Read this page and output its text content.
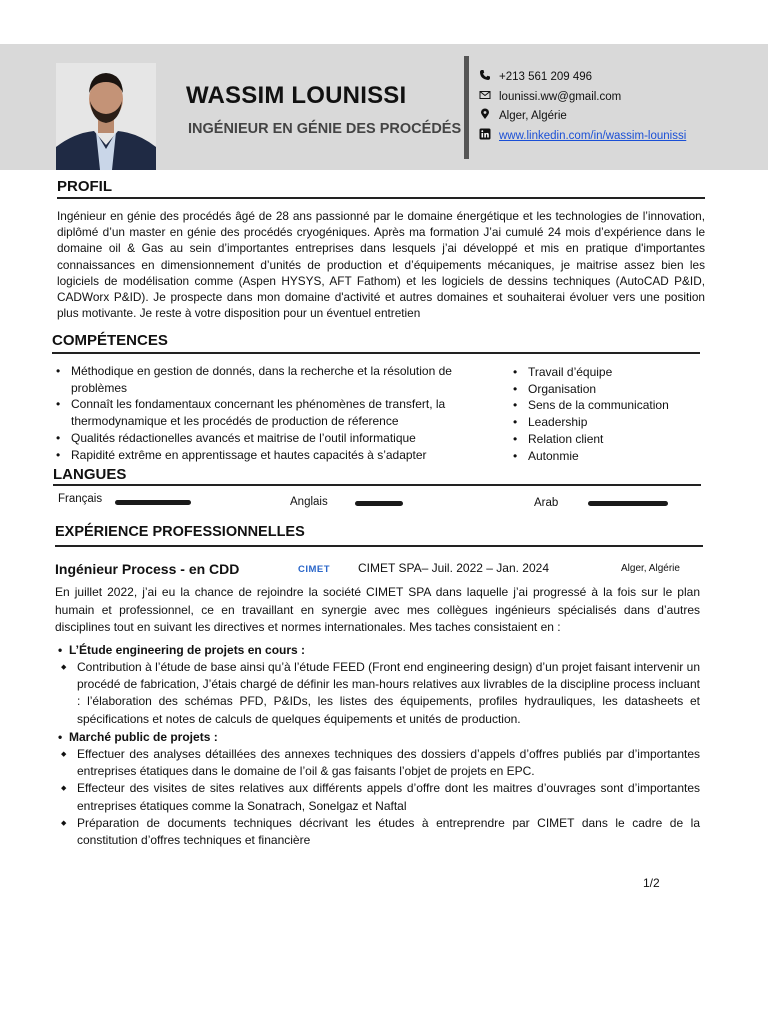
WASSIM LOUNISSI
INGÉNIEUR EN GÉNIE DES PROCÉDÉS
+213 561 209 496
lounissi.ww@gmail.com
Alger, Algérie
www.linkedin.com/in/wassim-lounissi
PROFIL
Ingénieur en génie des procédés âgé de 28 ans passionné par le domaine énergétique et les technologies de l’innovation, diplômé d’un master en génie des procédés cryogéniques. Après ma formation J’ai cumulé 24 mois d’expérience dans le domaine oil & Gas au sein d’importantes entreprises dans lesquels j’ai développé et mis en pratique d'importantes connaissances en dimensionnement d’unités de production et d’équipements mécaniques, je maitrise assez bien les logiciels de modélisation comme (Aspen HYSYS, AFT Fathom) et les logiciels de dessins techniques (AutoCAD P&ID, CADWorx P&ID). Je prospecte dans mon domaine d'activité et autres domaines et souhaiterai évoluer vers une position plus motivante. Je reste à votre disposition pour un éventuel entretien
COMPÉTENCES
• Méthodique en gestion de donnés, dans la recherche et la résolution de problèmes
• Connaît les fondamentaux concernant les phénomènes de transfert, la thermodynamique et les procédés de production de réference
• Qualités rédactionelles avancés et maitrise de l’outil informatique
• Rapidité extrême en apprentissage et hautes capacités à s’adapter
• Travail d’équipe
• Organisation
• Sens de la communication
• Leadership
• Relation client
• Autonmie
LANGUES
Français	Anglais	Arab
EXPÉRIENCE PROFESSIONNELLES
Ingénieur Process - en CDD	CIMET CIMET SPA– Juil. 2022 – Jan. 2024	Alger, Algérie
En juillet 2022, j’ai eu la chance de rejoindre la société CIMET SPA dans laquelle j’ai progressé à la fois sur le plan humain et professionnel, ce en travaillant en synergie avec mes collègues ingénieurs spécialisés dans d’autres disciplines tout en suivant les directives et normes internationales. Mes taches consistaient en :
• L’Étude engineering de projets en cours :
◆ Contribution à l’étude de base ainsi qu’à l’étude FEED (Front end engineering design) d’un projet faisant intervenir un procédé de fabrication, J’étais chargé de définir les man-hours relatives aux livrables de la discipline process incluant : l’élaboration des schémas PFD, P&IDs, les listes des équipements, profiles hydrauliques, les datasheets et spécifications et notes de calculs de quelques équipements et unités de production.
• Marché public de projets :
◆ Effectuer des analyses détaillées des annexes techniques des dossiers d’appels d’offres publiés par d’importantes entreprises étatiques dans le domaine de l’oil & gas faisants l’objet de projets en EPC.
◆ Effecteur des visites de sites relatives aux différents appels d’offre dont les maitres d’ouvrages sont d’importantes entreprises étatiques comme la Sonatrach, Sonelgaz et Naftal
◆ Préparation de documents techniques décrivant les études à entreprendre par CIMET dans le cadre de la constitution d’offres techniques et financière
1/2
